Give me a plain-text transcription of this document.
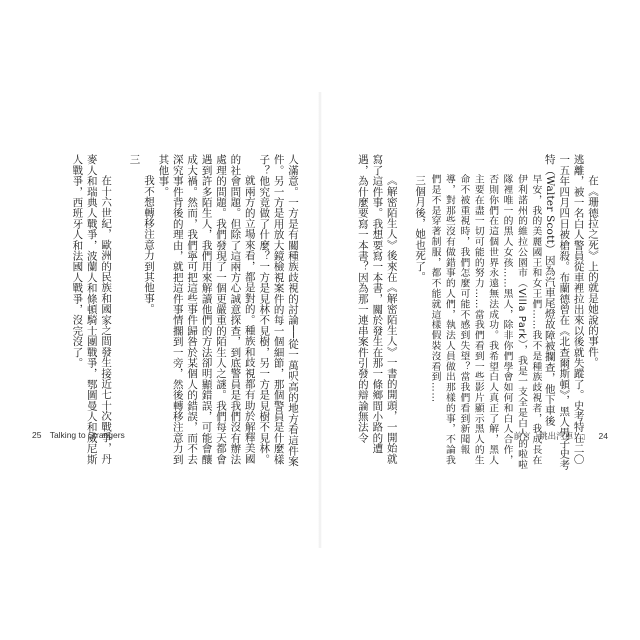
人滿意。一方是有關種族歧視的討論──從一萬呎高的地方看這件案件。另一方是用放大鏡檢視案件的每一個細節，那個警員是什麼樣子？他究竟做了什麼？一方是見林不見樹，另一方是見樹不見林。

就兩方的立場來看，都是對的。種族和歧視都有助於解釋美國的社會問題。但除了這兩方心誠意探查，到底警員是我們沒有辦法處理的問題。我們發現了一個更嚴重的陌生人之謎。我們每天都會遇到許多陌生人，我們用來解讀他們的方法卻明顯錯誤，可能會釀成大禍。然而，我們寧可把這些事件歸咎於某個人的錯誤，而不去深究事件背後的理由，就把這件事情擱到一旁，然後轉移注意力到其他事。

我不想轉移注意力到其他事。

三

在十六世紀，歐洲的民族和國家之間發生接近七十次戰爭，丹麥人和瑞典人戰爭，波蘭人和條頓騎士團戰爭，鄂圖曼人和威尼斯人戰爭，西班牙人和法國人戰爭，沒完沒了。

25 Talking to Strangers

在《珊德拉之死》上的就是她說的事件。

逃離，被一名白人警員從車裡拉出來以後就失蹤了。史考特在二〇一五年四月四日被槍殺。布蘭德曾在《北查爾斯頓》，黑人男子史考特（Walter Scott）因為汽車尾燈故障被攔查，他下車後

早安，我的美麗國王和女王們……我不是種族歧視者，我成長在伊利諾州的維拉公園市（Villa Park），我是一支全是白人的啦啦隊裡唯一的黑人女孩……黑人，除非你們學會如何和白人合作，否則你們在這個世界永遠無法成功。我希望白人真正了解，黑人主要在盡一切可能的努力……當我們看到一些影片顯示黑人的生命不被重視時，我們怎麼可能不感到失望？當我們看到新聞報導，對那些沒有做錯事的人們，執法人員做出那樣的事，不論我們是不是穿著制服，都不能就這樣假裝沒看到……

三個月後，她也死了。

《解密陌生人》後來在《解密陌生人》一書的開頭，一開始就寫了這件事。我想要寫一本書，關於發生在那一條鄉間小路的遭遇，為什麼要寫一本書？因為那一連串案件引發的辯論無法令	前言「跳出汽車！」 24
